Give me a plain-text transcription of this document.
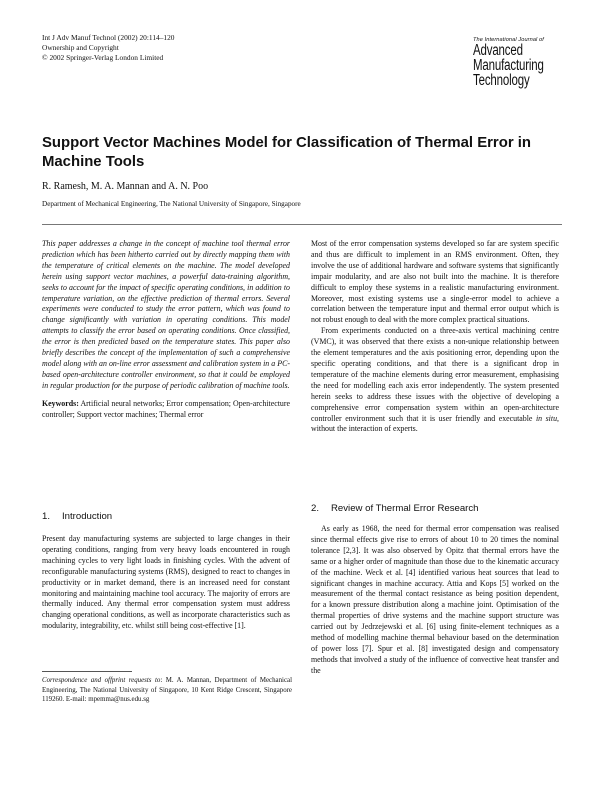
Int J Adv Manuf Technol (2002) 20:114–120
Ownership and Copyright
© 2002 Springer-Verlag London Limited
The International Journal of
Advanced
Manufacturing
Technology
Support Vector Machines Model for Classification of Thermal Error in Machine Tools
R. Ramesh, M. A. Mannan and A. N. Poo
Department of Mechanical Engineering, The National University of Singapore, Singapore

This paper addresses a change in the concept of machine tool thermal error prediction which has been hitherto carried out by directly mapping them with the temperature of critical elements on the machine. The model developed herein using support vector machines, a powerful data-training algorithm, seeks to account for the impact of specific operating conditions, in addition to temperature variation, on the effective prediction of thermal errors. Several experiments were conducted to study the error pattern, which was found to change significantly with variation in operating conditions. This model attempts to classify the error based on operating conditions. Once classified, the error is then predicted based on the temperature states. This paper also briefly describes the concept of the implementation of such a comprehensive model along with an on-line error assessment and calibration system in a PC-based open-architecture controller environment, so that it could be employed in regular production for the purpose of periodic calibration of machine tools.

Keywords: Artificial neural networks; Error compensation; Open-architecture controller; Support vector machines; Thermal error

1. Introduction

Present day manufacturing systems are subjected to large changes in their operating conditions, ranging from very heavy loads encountered in rough machining cycles to very light loads in finishing cycles. With the advent of reconfigurable manufacturing systems (RMS), designed to react to changes in productivity or in market demand, there is an increased need for constant monitoring and maintaining machine tool accuracy. The majority of errors are thermally induced. Any thermal error compensation system must address changing operational conditions, as well as incorporate characteristics such as modularity, integrability, etc. whilst still being cost-effective [1].

Correspondence and offprint requests to: M. A. Mannan, Department of Mechanical Engineering, The National University of Singapore, 10 Kent Ridge Crescent, Singapore 119260. E-mail: mpemma@nus.edu.sg

Most of the error compensation systems developed so far are system specific and thus are difficult to implement in an RMS environment. Often, they involve the use of additional hardware and software systems that significantly impair modularity, and are also not built into the machine. It is therefore difficult to employ these systems in a realistic manufacturing environment. Moreover, most existing systems use a single-error model to achieve a correlation between the temperature input and thermal error output which is not robust enough to deal with the more complex practical situations.

From experiments conducted on a three-axis vertical machining centre (VMC), it was observed that there exists a non-unique relationship between the element temperatures and the axis positioning error, depending upon the specific operating conditions, and that there is a significant drop in temperature of the machine elements during error measurement, emphasising the need for modelling each axis error independently. The system presented herein seeks to address these issues with the objective of developing a comprehensive error compensation system within an open-architecture controller environment such that it is user friendly and executable in situ, without the interaction of experts.

2. Review of Thermal Error Research

As early as 1968, the need for thermal error compensation was realised since thermal effects give rise to errors of about 10 to 20 times the nominal tolerance [2,3]. It was also observed by Opitz that thermal errors have the same or a higher order of magnitude than those due to the kinematic accuracy of the machine. Weck et al. [4] identified various heat sources that lead to significant changes in machine accuracy. Attia and Kops [5] worked on the measurement of the thermal contact resistance as being position dependent, for a known pressure distribution along a machine joint. Optimisation of the thermal properties of drive systems and the machine support structure was carried out by Jedrzejewski et al. [6] using finite-element techniques as a method of modelling machine thermal behaviour based on the determination of power loss [7]. Spur et al. [8] investigated design and compensatory methods that involved a study of the influence of convective heat transfer and the
